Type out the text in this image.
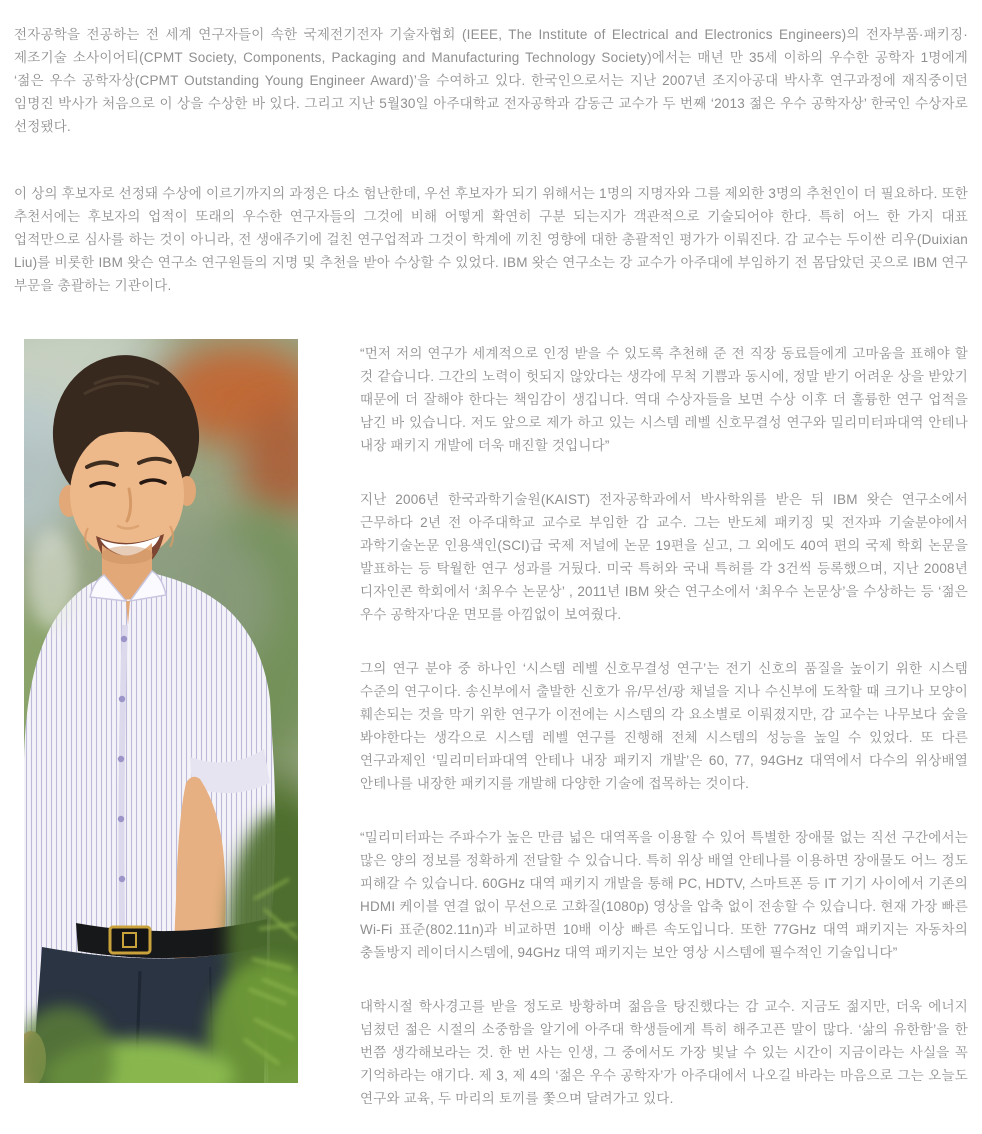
전자공학을 전공하는 전 세계 연구자들이 속한 국제전기전자 기술자협회 (IEEE, The Institute of Electrical and Electronics Engineers)의 전자부품·패키징·제조기술 소사이어티(CPMT Society, Components, Packaging and Manufacturing Technology Society)에서는 매년 만 35세 이하의 우수한 공학자 1명에게 ‘젊은 우수 공학자상(CPMT Outstanding Young Engineer Award)’을 수여하고 있다. 한국인으로서는 지난 2007년 조지아공대 박사후 연구과정에 재직중이던 임명진 박사가 처음으로 이 상을 수상한 바 있다. 그리고 지난 5월30일 아주대학교 전자공학과 감동근 교수가 두 번째 ‘2013 젊은 우수 공학자상’ 한국인 수상자로 선정됐다.

이 상의 후보자로 선정돼 수상에 이르기까지의 과정은 다소 험난한데, 우선 후보자가 되기 위해서는 1명의 지명자와 그를 제외한 3명의 추천인이 더 필요하다. 또한 추천서에는 후보자의 업적이 또래의 우수한 연구자들의 그것에 비해 어떻게 확연히 구분 되는지가 객관적으로 기술되어야 한다. 특히 어느 한 가지 대표 업적만으로 심사를 하는 것이 아니라, 전 생애주기에 걸친 연구업적과 그것이 학계에 끼친 영향에 대한 총괄적인 평가가 이뤄진다. 감 교수는 두이싼 리우(Duixian Liu)를 비롯한 IBM 왓슨 연구소 연구원들의 지명 및 추천을 받아 수상할 수 있었다. IBM 왓슨 연구소는 강 교수가 아주대에 부임하기 전 몸담았던 곳으로 IBM 연구 부문을 총괄하는 기관이다.

“먼저 저의 연구가 세계적으로 인정 받을 수 있도록 추천해 준 전 직장 동료들에게 고마움을 표해야 할 것 같습니다. 그간의 노력이 헛되지 않았다는 생각에 무척 기쁨과 동시에, 정말 받기 어려운 상을 받았기 때문에 더 잘해야 한다는 책임감이 생깁니다. 역대 수상자들을 보면 수상 이후 더 훌륭한 연구 업적을 남긴 바 있습니다. 저도 앞으로 제가 하고 있는 시스템 레벨 신호무결성 연구와 밀리미터파대역 안테나 내장 패키지 개발에 더욱 매진할 것입니다”

지난 2006년 한국과학기술원(KAIST) 전자공학과에서 박사학위를 받은 뒤 IBM 왓슨 연구소에서 근무하다 2년 전 아주대학교 교수로 부임한 감 교수. 그는 반도체 패키징 및 전자파 기술분야에서 과학기술논문 인용색인(SCI)급 국제 저널에 논문 19편을 싣고, 그 외에도 40여 편의 국제 학회 논문을 발표하는 등 탁월한 연구 성과를 거뒀다. 미국 특허와 국내 특허를 각 3건씩 등록했으며, 지난 2008년 디자인콘 학회에서 ‘최우수 논문상’ , 2011년 IBM 왓슨 연구소에서 ‘최우수 논문상’을 수상하는 등 ‘젊은 우수 공학자’다운 면모를 아낌없이 보여줬다.

그의 연구 분야 중 하나인 ‘시스템 레벨 신호무결성 연구’는 전기 신호의 품질을 높이기 위한 시스템 수준의 연구이다. 송신부에서 출발한 신호가 유/무선/광 채널을 지나 수신부에 도착할 때 크기나 모양이 훼손되는 것을 막기 위한 연구가 이전에는 시스템의 각 요소별로 이뤄졌지만, 감 교수는 나무보다 숲을 봐야한다는 생각으로 시스템 레벨 연구를 진행해 전체 시스템의 성능을 높일 수 있었다. 또 다른 연구과제인 ‘밀리미터파대역 안테나 내장 패키지 개발’은 60, 77, 94GHz 대역에서 다수의 위상배열 안테나를 내장한 패키지를 개발해 다양한 기술에 접목하는 것이다.

“밀리미터파는 주파수가 높은 만큼 넓은 대역폭을 이용할 수 있어 특별한 장애물 없는 직선 구간에서는 많은 양의 정보를 정확하게 전달할 수 있습니다. 특히 위상 배열 안테나를 이용하면 장애물도 어느 정도 피해갈 수 있습니다. 60GHz 대역 패키지 개발을 통해 PC, HDTV, 스마트폰 등 IT 기기 사이에서 기존의 HDMI 케이블 연결 없이 무선으로 고화질(1080p) 영상을 압축 없이 전송할 수 있습니다. 현재 가장 빠른 Wi-Fi 표준(802.11n)과 비교하면 10배 이상 빠른 속도입니다. 또한 77GHz 대역 패키지는 자동차의 충돌방지 레이더시스템에, 94GHz 대역 패키지는 보안 영상 시스템에 필수적인 기술입니다”

대학시절 학사경고를 받을 정도로 방황하며 젊음을 탕진했다는 감 교수. 지금도 젊지만, 더욱 에너지 넘쳤던 젊은 시절의 소중함을 알기에 아주대 학생들에게 특히 해주고픈 말이 많다. ‘삶의 유한함’을 한 번쯤 생각해보라는 것. 한 번 사는 인생, 그 중에서도 가장 빛날 수 있는 시간이 지금이라는 사실을 꼭 기억하라는 얘기다. 제 3, 제 4의 ‘젊은 우수 공학자’가 아주대에서 나오길 바라는 마음으로 그는 오늘도 연구와 교육, 두 마리의 토끼를 쫓으며 달려가고 있다.
